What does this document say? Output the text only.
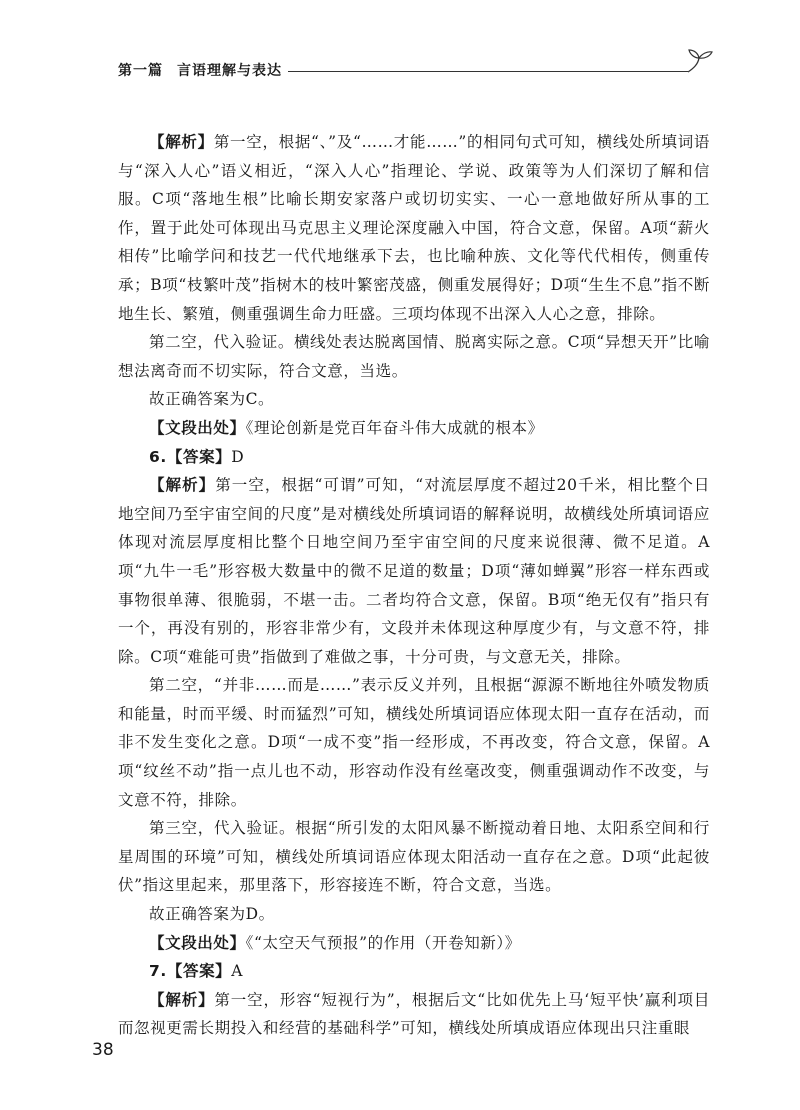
第一篇 言语理解与表达

【解析】第一空，根据“、”及“……才能……”的相同句式可知，横线处所填词语与“深入人心”语义相近，“深入人心”指理论、学说、政策等为人们深切了解和信服。C项“落地生根”比喻长期安家落户或切切实实、一心一意地做好所从事的工作，置于此处可体现出马克思主义理论深度融入中国，符合文意，保留。A项“薪火相传”比喻学问和技艺一代代地继承下去，也比喻种族、文化等代代相传，侧重传承；B项“枝繁叶茂”指树木的枝叶繁密茂盛，侧重发展得好；D项“生生不息”指不断地生长、繁殖，侧重强调生命力旺盛。三项均体现不出深入人心之意，排除。

第二空，代入验证。横线处表达脱离国情、脱离实际之意。C项“异想天开”比喻想法离奇而不切实际，符合文意，当选。

故正确答案为C。

【文段出处】《理论创新是党百年奋斗伟大成就的根本》

6.【答案】D

【解析】第一空，根据“可谓”可知，“对流层厚度不超过20千米，相比整个日地空间乃至宇宙空间的尺度”是对横线处所填词语的解释说明，故横线处所填词语应体现对流层厚度相比整个日地空间乃至宇宙空间的尺度来说很薄、微不足道。A项“九牛一毛”形容极大数量中的微不足道的数量；D项“薄如蝉翼”形容一样东西或事物很单薄、很脆弱，不堪一击。二者均符合文意，保留。B项“绝无仅有”指只有一个，再没有别的，形容非常少有，文段并未体现这种厚度少有，与文意不符，排除。C项“难能可贵”指做到了难做之事，十分可贵，与文意无关，排除。

第二空，“并非……而是……”表示反义并列，且根据“源源不断地往外喷发物质和能量，时而平缓、时而猛烈”可知，横线处所填词语应体现太阳一直存在活动，而非不发生变化之意。D项“一成不变”指一经形成，不再改变，符合文意，保留。A项“纹丝不动”指一点儿也不动，形容动作没有丝毫改变，侧重强调动作不改变，与文意不符，排除。

第三空，代入验证。根据“所引发的太阳风暴不断搅动着日地、太阳系空间和行星周围的环境”可知，横线处所填词语应体现太阳活动一直存在之意。D项“此起彼伏”指这里起来，那里落下，形容接连不断，符合文意，当选。

故正确答案为D。

【文段出处】《“太空天气预报”的作用（开卷知新）》

7.【答案】A

【解析】第一空，形容“短视行为”，根据后文“比如优先上马‘短平快’赢利项目而忽视更需长期投入和经营的基础科学”可知，横线处所填成语应体现出只注重眼

38
